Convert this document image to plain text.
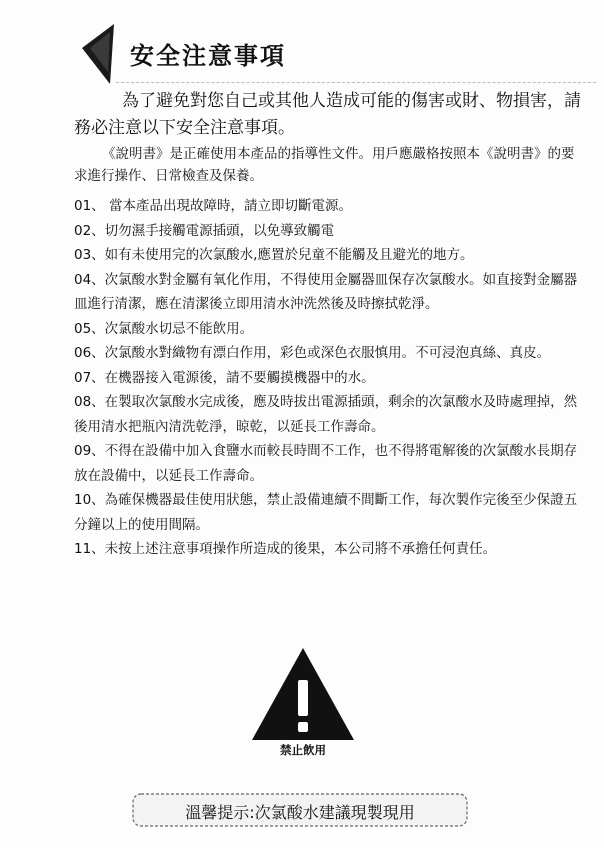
安全注意事項
為了避免對您自己或其他人造成可能的傷害或財、物損害，請務必注意以下安全注意事項。
《說明書》是正確使用本產品的指導性文件。用戶應嚴格按照本《說明書》的要求進行操作、日常檢查及保養。

01、 當本產品出現故障時，請立即切斷電源。

02、切勿濕手接觸電源插頭，以免導致觸電

03、如有未使用完的次氯酸水,應置於兒童不能觸及且避光的地方。

04、次氯酸水對金屬有氧化作用，不得使用金屬器皿保存次氯酸水。如直接對金屬器皿進行清潔，應在清潔後立即用清水沖洗然後及時擦拭乾淨。

05、次氯酸水切忌不能飲用。

06、次氯酸水對織物有漂白作用，彩色或深色衣服慎用。不可浸泡真絲、真皮。

07、在機器接入電源後，請不要觸摸機器中的水。

08、在製取次氯酸水完成後，應及時拔出電源插頭，剩余的次氯酸水及時處理掉，然後用清水把瓶內清洗乾淨，晾乾，以延長工作壽命。

09、不得在設備中加入食鹽水而較長時間不工作，也不得將電解後的次氯酸水長期存放在設備中，以延長工作壽命。

10、為確保機器最佳使用狀態，禁止設備連續不間斷工作，每次製作完後至少保證五分鐘以上的使用間隔。

11、未按上述注意事項操作所造成的後果，本公司將不承擔任何責任。

禁止飲用
溫馨提示:次氯酸水建議現製現用
